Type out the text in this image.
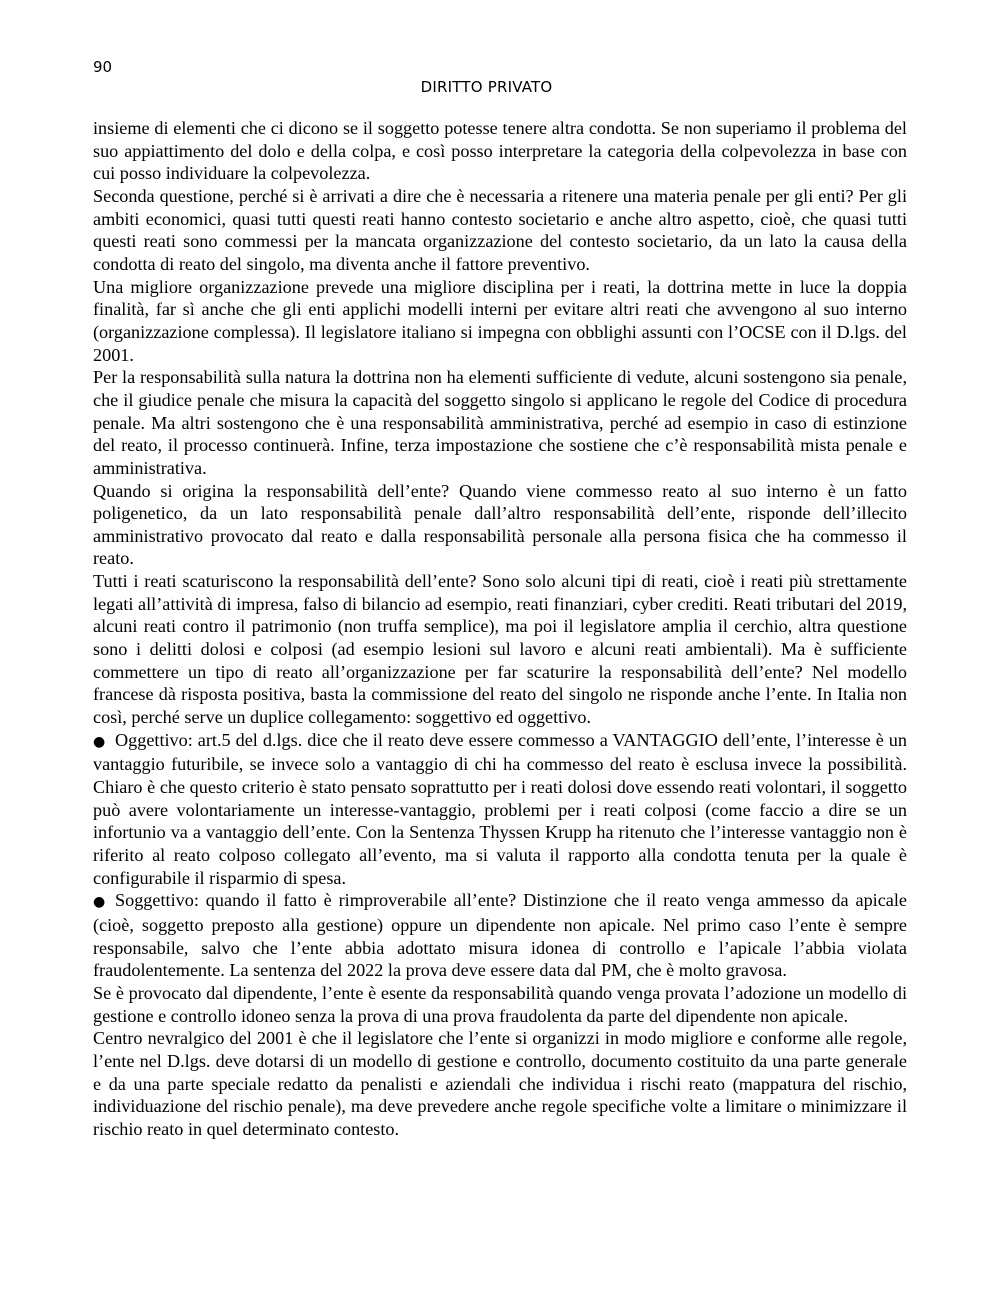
90
DIRITTO PRIVATO

insieme di elementi che ci dicono se il soggetto potesse tenere altra condotta. Se non superiamo il problema del suo appiattimento del dolo e della colpa, e così posso interpretare la categoria della colpevolezza in base con cui posso individuare la colpevolezza.

Seconda questione, perché si è arrivati a dire che è necessaria a ritenere una materia penale per gli enti? Per gli ambiti economici, quasi tutti questi reati hanno contesto societario e anche altro aspetto, cioè, che quasi tutti questi reati sono commessi per la mancata organizzazione del contesto societario, da un lato la causa della condotta di reato del singolo, ma diventa anche il fattore preventivo.

Una migliore organizzazione prevede una migliore disciplina per i reati, la dottrina mette in luce la doppia finalità, far sì anche che gli enti applichi modelli interni per evitare altri reati che avvengono al suo interno (organizzazione complessa). Il legislatore italiano si impegna con obblighi assunti con l’OCSE con il D.lgs. del 2001.

Per la responsabilità sulla natura la dottrina non ha elementi sufficiente di vedute, alcuni sostengono sia penale, che il giudice penale che misura la capacità del soggetto singolo si applicano le regole del Codice di procedura penale. Ma altri sostengono che è una responsabilità amministrativa, perché ad esempio in caso di estinzione del reato, il processo continuerà. Infine, terza impostazione che sostiene che c’è responsabilità mista penale e amministrativa.

Quando si origina la responsabilità dell’ente? Quando viene commesso reato al suo interno è un fatto poligenetico, da un lato responsabilità penale dall’altro responsabilità dell’ente, risponde dell’illecito amministrativo provocato dal reato e dalla responsabilità personale alla persona fisica che ha commesso il reato.

Tutti i reati scaturiscono la responsabilità dell’ente? Sono solo alcuni tipi di reati, cioè i reati più strettamente legati all’attività di impresa, falso di bilancio ad esempio, reati finanziari, cyber crediti. Reati tributari del 2019, alcuni reati contro il patrimonio (non truffa semplice), ma poi il legislatore amplia il cerchio, altra questione sono i delitti dolosi e colposi (ad esempio lesioni sul lavoro e alcuni reati ambientali). Ma è sufficiente commettere un tipo di reato all’organizzazione per far scaturire la responsabilità dell’ente? Nel modello francese dà risposta positiva, basta la commissione del reato del singolo ne risponde anche l’ente. In Italia non così, perché serve un duplice collegamento: soggettivo ed oggettivo.

● Oggettivo: art.5 del d.lgs. dice che il reato deve essere commesso a VANTAGGIO dell’ente, l’interesse è un vantaggio futuribile, se invece solo a vantaggio di chi ha commesso del reato è esclusa invece la possibilità. Chiaro è che questo criterio è stato pensato soprattutto per i reati dolosi dove essendo reati volontari, il soggetto può avere volontariamente un interesse-vantaggio, problemi per i reati colposi (come faccio a dire se un infortunio va a vantaggio dell’ente. Con la Sentenza Thyssen Krupp ha ritenuto che l’interesse vantaggio non è riferito al reato colposo collegato all’evento, ma si valuta il rapporto alla condotta tenuta per la quale è configurabile il risparmio di spesa.

● Soggettivo: quando il fatto è rimproverabile all’ente? Distinzione che il reato venga ammesso da apicale (cioè, soggetto preposto alla gestione) oppure un dipendente non apicale. Nel primo caso l’ente è sempre responsabile, salvo che l’ente abbia adottato misura idonea di controllo e l’apicale l’abbia violata fraudolentemente. La sentenza del 2022 la prova deve essere data dal PM, che è molto gravosa.

Se è provocato dal dipendente, l’ente è esente da responsabilità quando venga provata l’adozione un modello di gestione e controllo idoneo senza la prova di una prova fraudolenta da parte del dipendente non apicale.

Centro nevralgico del 2001 è che il legislatore che l’ente si organizzi in modo migliore e conforme alle regole, l’ente nel D.lgs. deve dotarsi di un modello di gestione e controllo, documento costituito da una parte generale e da una parte speciale redatto da penalisti e aziendali che individua i rischi reato (mappatura del rischio, individuazione del rischio penale), ma deve prevedere anche regole specifiche volte a limitare o minimizzare il rischio reato in quel determinato contesto.
